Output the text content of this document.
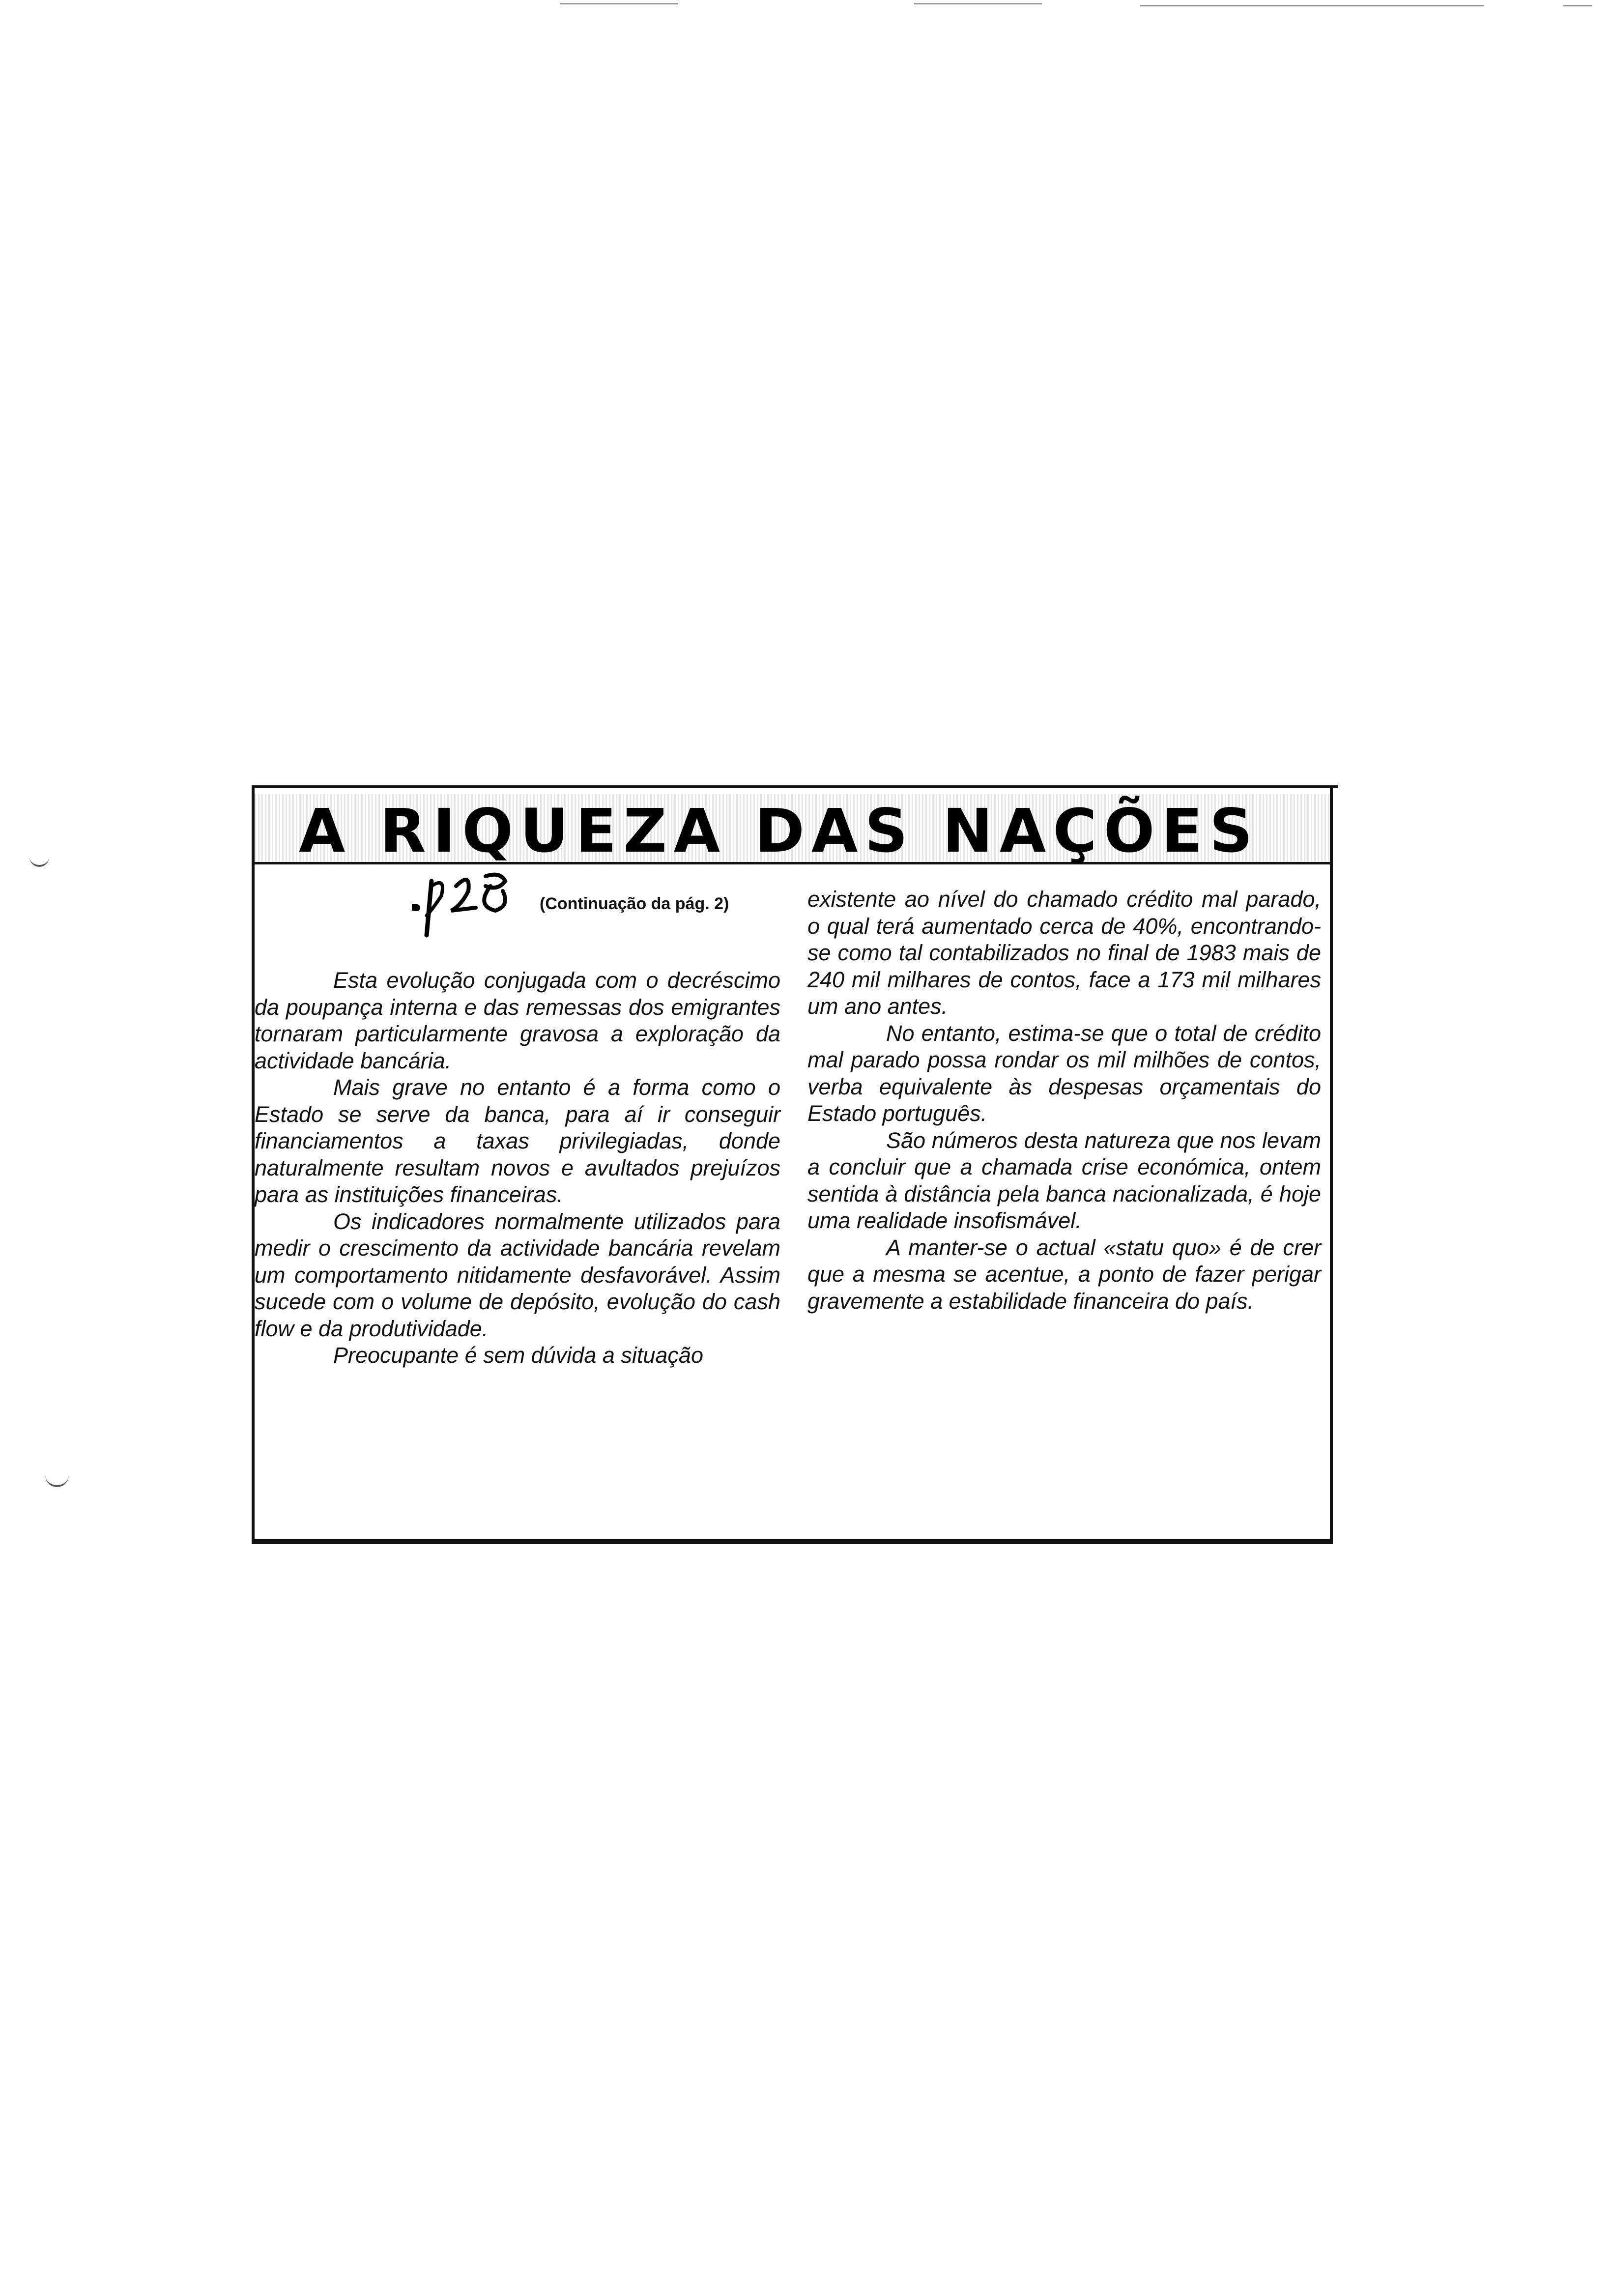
A RIQUEZA DAS NAÇÕES
(Continuação da pág. 2)

Esta evolução conjugada com o decréscimo da poupança interna e das remessas dos emigrantes tornaram particularmente gravosa a exploração da actividade bancária.

Mais grave no entanto é a forma como o Estado se serve da banca, para aí ir conseguir financiamentos a taxas privilegiadas, donde naturalmente resultam novos e avultados prejuízos para as instituições financeiras.

Os indicadores normalmente utilizados para medir o crescimento da actividade bancária revelam um comportamento nitidamente desfavorável. Assim sucede com o volume de depósito, evolução do cash flow e da produtividade.

Preocupante é sem dúvida a situação

existente ao nível do chamado crédito mal parado, o qual terá aumentado cerca de 40%, encontrando-se como tal contabilizados no final de 1983 mais de 240 mil milhares de contos, face a 173 mil milhares um ano antes.

No entanto, estima-se que o total de crédito mal parado possa rondar os mil milhões de contos, verba equivalente às despesas orçamentais do Estado português.

São números desta natureza que nos levam a concluir que a chamada crise económica, ontem sentida à distância pela banca nacionalizada, é hoje uma realidade insofismável.

A manter-se o actual «statu quo» é de crer que a mesma se acentue, a ponto de fazer perigar gravemente a estabilidade financeira do país.
